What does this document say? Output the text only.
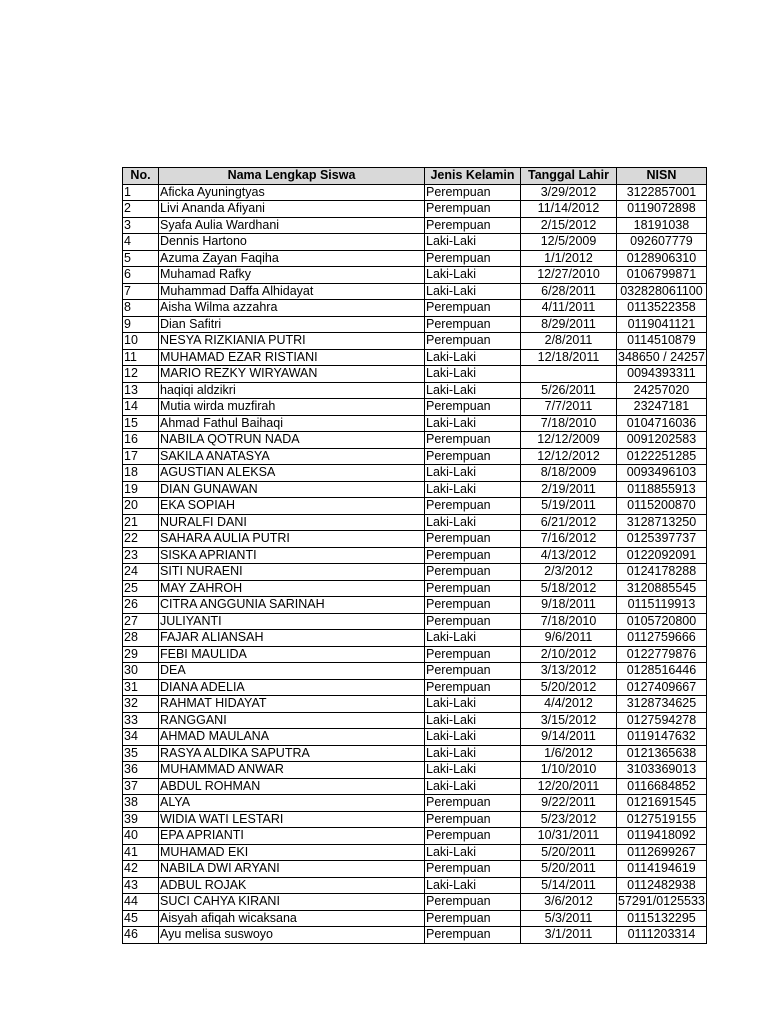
No.	Nama Lengkap Siswa	Jenis Kelamin	Tanggal Lahir	NISN
1	Aficka Ayuningtyas	Perempuan	3/29/2012	3122857001
2	Livi Ananda Afiyani	Perempuan	11/14/2012	0119072898
3	Syafa Aulia Wardhani	Perempuan	2/15/2012	18191038
4	Dennis Hartono	Laki-Laki	12/5/2009	092607779
5	Azuma Zayan Faqiha	Perempuan	1/1/2012	0128906310
6	Muhamad Rafky	Laki-Laki	12/27/2010	0106799871
7	Muhammad Daffa Alhidayat	Laki-Laki	6/28/2011	032828061100
8	Aisha Wilma azzahra	Perempuan	4/11/2011	0113522358
9	Dian Safitri	Perempuan	8/29/2011	0119041121
10	NESYA RIZKIANIA PUTRI	Perempuan	2/8/2011	0114510879
11	MUHAMAD EZAR RISTIANI	Laki-Laki	12/18/2011	348650 / 24257
12	MARIO REZKY WIRYAWAN	Laki-Laki		0094393311
13	haqiqi aldzikri	Laki-Laki	5/26/2011	24257020
14	Mutia wirda muzfirah	Perempuan	7/7/2011	23247181
15	Ahmad Fathul Baihaqi	Laki-Laki	7/18/2010	0104716036
16	NABILA QOTRUN NADA	Perempuan	12/12/2009	0091202583
17	SAKILA ANATASYA	Perempuan	12/12/2012	0122251285
18	AGUSTIAN ALEKSA	Laki-Laki	8/18/2009	0093496103
19	DIAN GUNAWAN	Laki-Laki	2/19/2011	0118855913
20	EKA SOPIAH	Perempuan	5/19/2011	0115200870
21	NURALFI DANI	Laki-Laki	6/21/2012	3128713250
22	SAHARA AULIA PUTRI	Perempuan	7/16/2012	0125397737
23	SISKA APRIANTI	Perempuan	4/13/2012	0122092091
24	SITI NURAENI	Perempuan	2/3/2012	0124178288
25	MAY ZAHROH	Perempuan	5/18/2012	3120885545
26	CITRA ANGGUNIA SARINAH	Perempuan	9/18/2011	0115119913
27	JULIYANTI	Perempuan	7/18/2010	0105720800
28	FAJAR ALIANSAH	Laki-Laki	9/6/2011	0112759666
29	FEBI MAULIDA	Perempuan	2/10/2012	0122779876
30	DEA	Perempuan	3/13/2012	0128516446
31	DIANA ADELIA	Perempuan	5/20/2012	0127409667
32	RAHMAT HIDAYAT	Laki-Laki	4/4/2012	3128734625
33	RANGGANI	Laki-Laki	3/15/2012	0127594278
34	AHMAD MAULANA	Laki-Laki	9/14/2011	0119147632
35	RASYA ALDIKA SAPUTRA	Laki-Laki	1/6/2012	0121365638
36	MUHAMMAD ANWAR	Laki-Laki	1/10/2010	3103369013
37	ABDUL ROHMAN	Laki-Laki	12/20/2011	0116684852
38	ALYA	Perempuan	9/22/2011	0121691545
39	WIDIA WATI LESTARI	Perempuan	5/23/2012	0127519155
40	EPA APRIANTI	Perempuan	10/31/2011	0119418092
41	MUHAMAD EKI	Laki-Laki	5/20/2011	0112699267
42	NABILA DWI ARYANI	Perempuan	5/20/2011	0114194619
43	ADBUL ROJAK	Laki-Laki	5/14/2011	0112482938
44	SUCI CAHYA KIRANI	Perempuan	3/6/2012	57291/0125533
45	Aisyah afiqah wicaksana	Perempuan	5/3/2011	0115132295
46	Ayu melisa suswoyo	Perempuan	3/1/2011	0111203314
